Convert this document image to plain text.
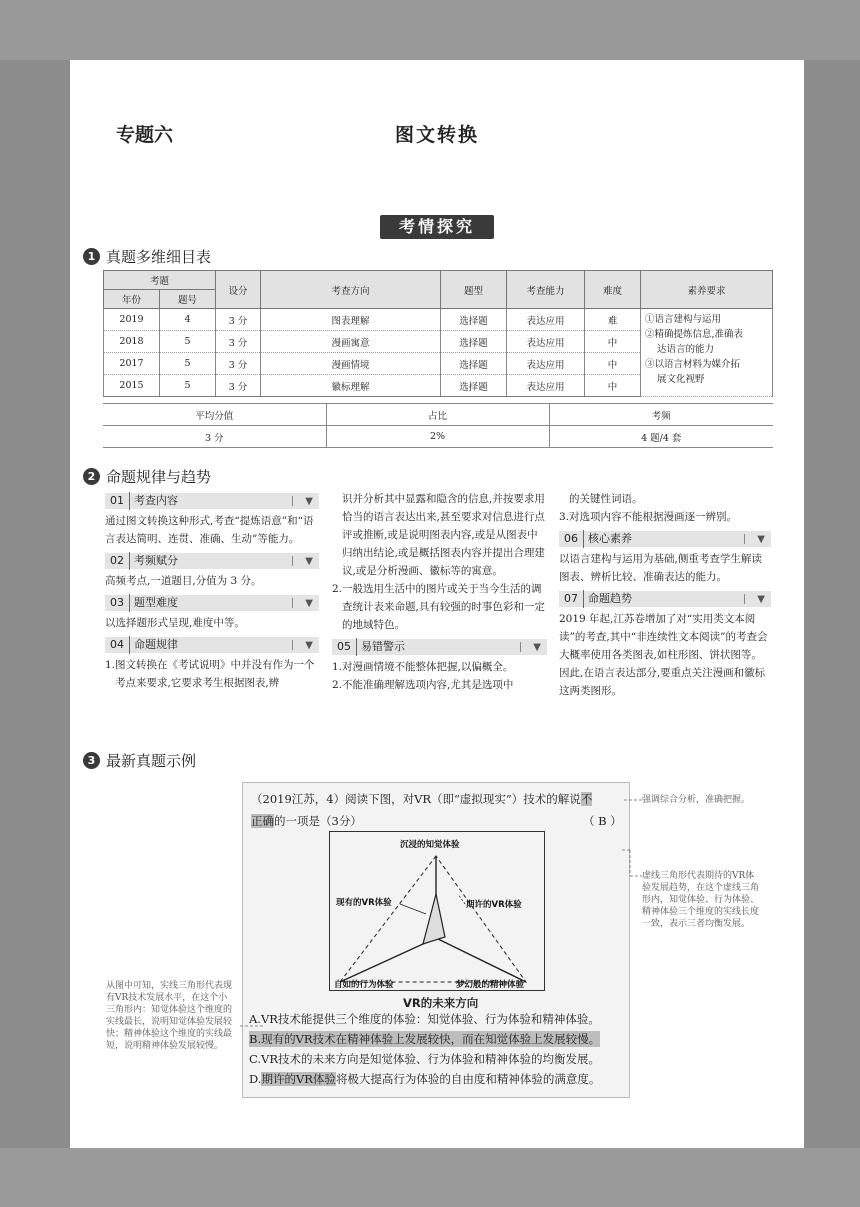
专题六	图文转换
考情探究
1 真题多维细目表
考题		设分	考查方向	题型	考查能力	难度	素养要求
年份	题号						
2019	4	3 分	图表理解	选择题	表达应用	难	①语言建构与运用
②精确提炼信息,准确表
达语言的能力
③以语言材料为媒介拓
展文化视野

2018	5	3 分	漫画寓意	选择题	表达应用	中	
2017	5	3 分	漫画情境	选择题	表达应用	中	
2015	5	3 分	徽标理解	选择题	表达应用	中	
平均分值	占比	考频
3 分	2%	4 题/4 套
2 命题规律与趋势
01 考查内容	▼
通过图文转换这种形式,考查“提炼语意”和“语言表达简明、连贯、准确、生动”等能力。
02 考频赋分	▼
高频考点,一道题目,分值为 3 分。
03 题型难度	▼
以选择题形式呈现,难度中等。
04 命题规律	▼
1.图文转换在《考试说明》中并没有作为一个考点来要求,它要求考生根据图表,辨
识并分析其中显露和隐含的信息,并按要求用恰当的语言表达出来,甚至要求对信息进行点评或推断,或是说明图表内容,或是从图表中归纳出结论,或是概括图表内容并提出合理建议,或是分析漫画、徽标等的寓意。
2.一般选用生活中的图片或关于当今生活的调查统计表来命题,具有较强的时事色彩和一定的地域特色。
05 易错警示	▼
1.对漫画情境不能整体把握,以偏概全。
2.不能准确理解选项内容,尤其是选项中
的关键性词语。
3.对选项内容不能根据漫画逐一辨别。
06 核心素养	▼
以语言建构与运用为基础,侧重考查学生解读图表、辨析比较、准确表达的能力。
07 命题趋势	▼
2019 年起,江苏卷增加了对“实用类文本阅读”的考查,其中“非连续性文本阅读”的考查会大概率使用各类图表,如柱形图、饼状图等。因此,在语言表达部分,要重点关注漫画和徽标这两类图形。
3 最新真题示例
（2019江苏，4）阅读下图，对VR（即“虚拟现实”）技术的解说不
正确的一项是（3分）	（ B ）
沉浸的知觉体验
现有的VR体验	期许的VR体验
自如的行为体验	梦幻般的精神体验
VR的未来方向
A.VR技术能提供三个维度的体验：知觉体验、行为体验和精神体验。
B.现有的VR技术在精神体验上发展较快，而在知觉体验上发展较慢。
C.VR技术的未来方向是知觉体验、行为体验和精神体验的均衡发展。
D.期许的VR体验将极大提高行为体验的自由度和精神体验的满意度。
强调综合分析，准确把握。
虚线三角形代表期待的VR体验发展趋势，在这个虚线三角形内，知觉体验、行为体验、精神体验三个维度的实线长度一致，表示三者均衡发展。
从图中可知，实线三角形代表现有VR技术发展水平，在这个小三角形内：知觉体验这个维度的实线最长，说明知觉体验发展较快；精神体验这个维度的实线最短，说明精神体验发展较慢。
